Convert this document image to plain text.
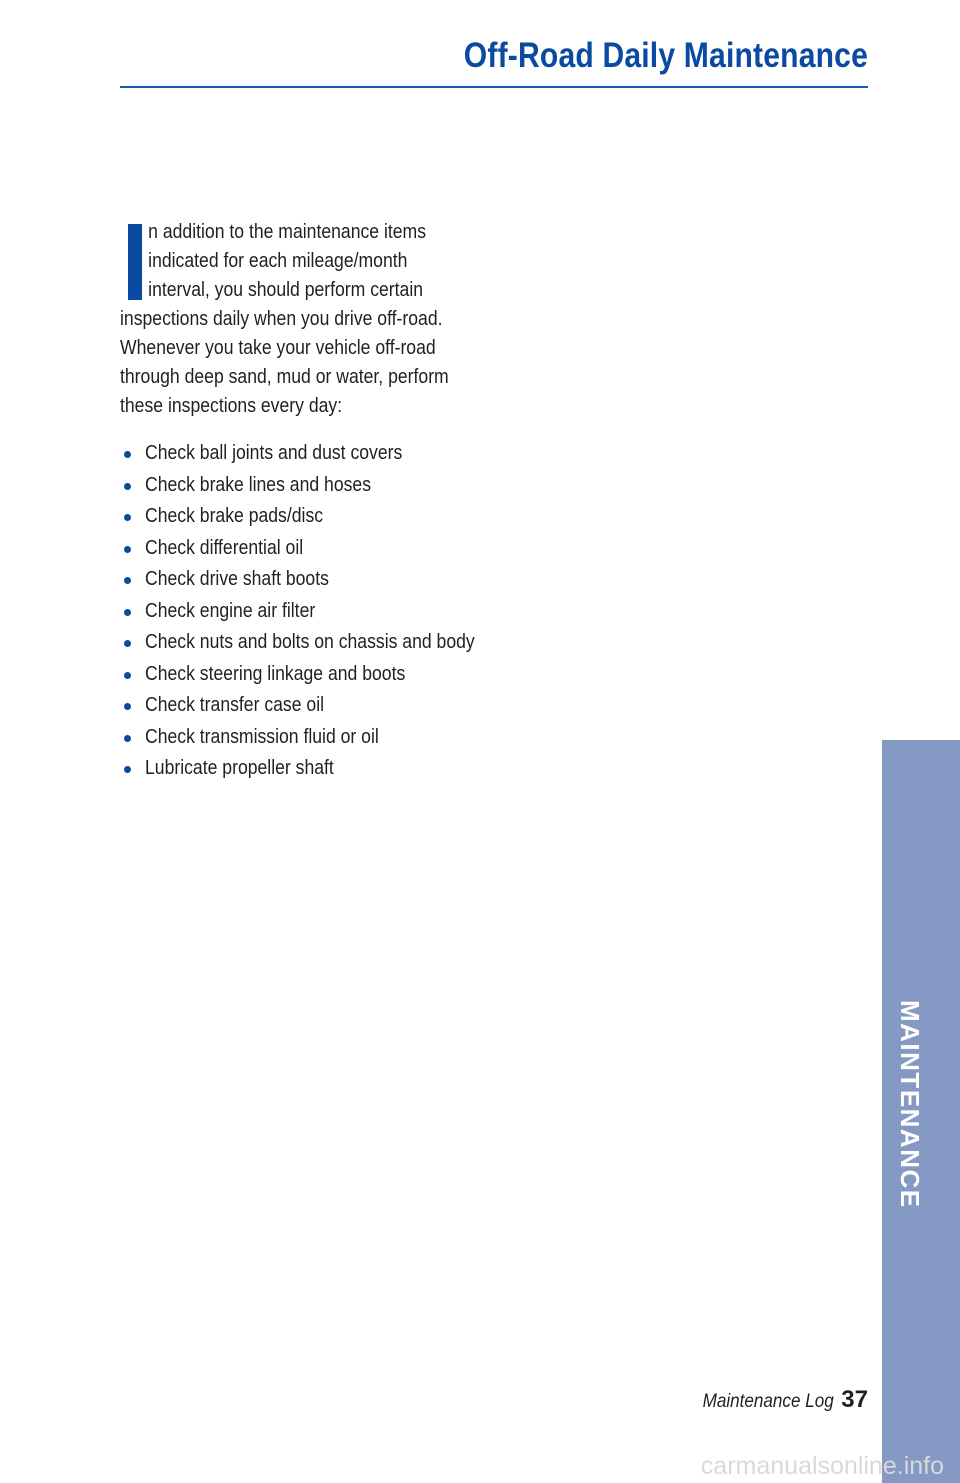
Off-Road Daily Maintenance
n addition to the maintenance items
indicated for each mileage/month
interval, you should perform certain
inspections daily when you drive off-road.
Whenever you take your vehicle off-road
through deep sand, mud or water, perform
these inspections every day:
Check ball joints and dust covers
Check brake lines and hoses
Check brake pads/disc
Check differential oil
Check drive shaft boots
Check engine air filter
Check nuts and bolts on chassis and body
Check steering linkage and boots
Check transfer case oil
Check transmission fluid or oil
Lubricate propeller shaft
MAINTENANCE
Maintenance Log 37
carmanualsonline.info
